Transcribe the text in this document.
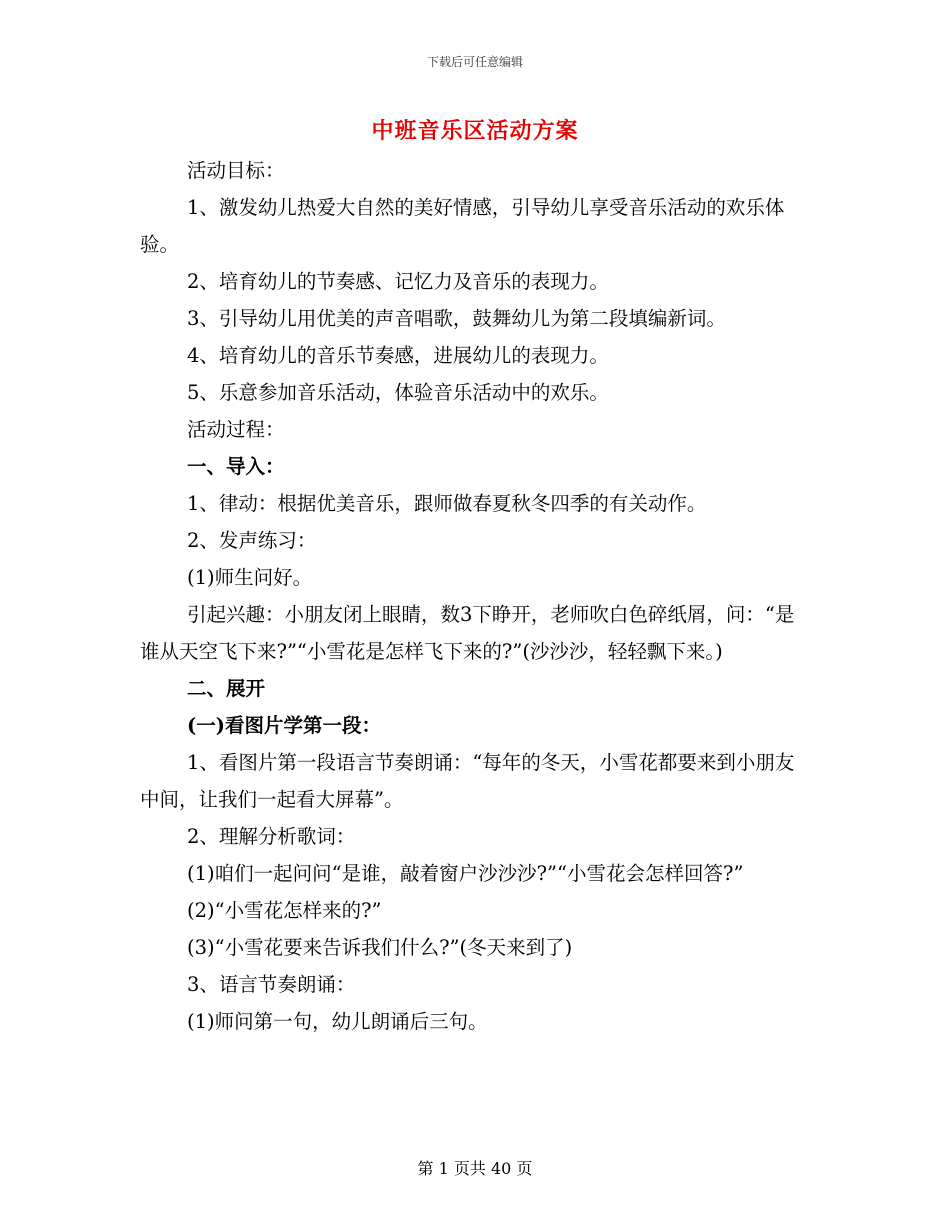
下载后可任意编辑
中班音乐区活动方案

活动目标：

1、激发幼儿热爱大自然的美好情感，引导幼儿享受音乐活动的欢乐体验。

2、培育幼儿的节奏感、记忆力及音乐的表现力。

3、引导幼儿用优美的声音唱歌，鼓舞幼儿为第二段填编新词。

4、培育幼儿的音乐节奏感，进展幼儿的表现力。

5、乐意参加音乐活动，体验音乐活动中的欢乐。

活动过程：

一、导入：

1、律动：根据优美音乐，跟师做春夏秋冬四季的有关动作。

2、发声练习：

(1)师生问好。

引起兴趣：小朋友闭上眼睛，数3下睁开，老师吹白色碎纸屑，问：“是谁从天空飞下来?”“小雪花是怎样飞下来的?”(沙沙沙，轻轻飘下来。)

二、展开

(一)看图片学第一段：

1、看图片第一段语言节奏朗诵：“每年的冬天，小雪花都要来到小朋友中间，让我们一起看大屏幕”。

2、理解分析歌词：

(1)咱们一起问问“是谁，敲着窗户沙沙沙?”“小雪花会怎样回答?”

(2)“小雪花怎样来的?”

(3)“小雪花要来告诉我们什么?”(冬天来到了)

3、语言节奏朗诵：

(1)师问第一句，幼儿朗诵后三句。

第 1 页共 40 页
